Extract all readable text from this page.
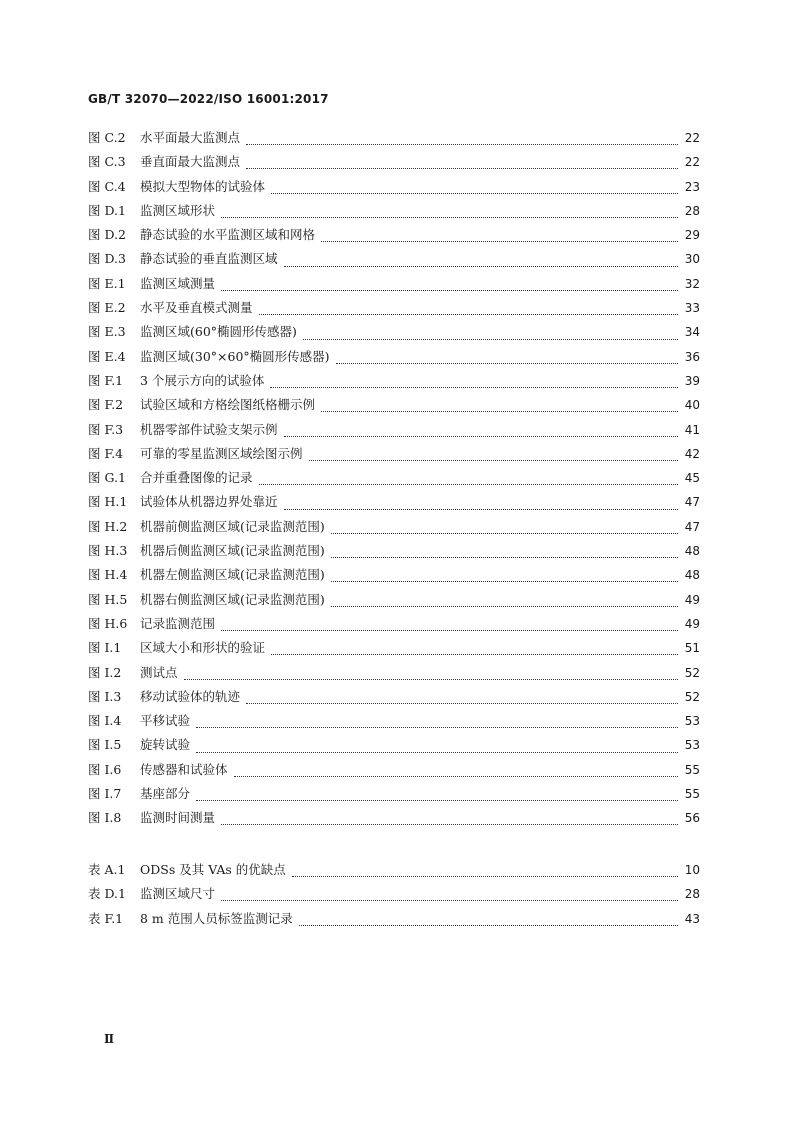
GB/T 32070—2022/ISO 16001:2017
图 C.2	水平面最大监测点	22
图 C.3	垂直面最大监测点	22
图 C.4	模拟大型物体的试验体	23
图 D.1	监测区域形状	28
图 D.2	静态试验的水平监测区域和网格	29
图 D.3	静态试验的垂直监测区域	30
图 E.1	监测区域测量	32
图 E.2	水平及垂直模式测量	33
图 E.3	监测区域(60°椭圆形传感器)	34
图 E.4	监测区域(30°×60°椭圆形传感器)	36
图 F.1	3 个展示方向的试验体	39
图 F.2	试验区域和方格绘图纸格栅示例	40
图 F.3	机器零部件试验支架示例	41
图 F.4	可靠的零星监测区域绘图示例	42
图 G.1	合并重叠图像的记录	45
图 H.1	试验体从机器边界处靠近	47
图 H.2	机器前侧监测区域(记录监测范围)	47
图 H.3	机器后侧监测区域(记录监测范围)	48
图 H.4	机器左侧监测区域(记录监测范围)	48
图 H.5	机器右侧监测区域(记录监测范围)	49
图 H.6	记录监测范围	49
图 I.1	区域大小和形状的验证	51
图 I.2	测试点	52
图 I.3	移动试验体的轨迹	52
图 I.4	平移试验	53
图 I.5	旋转试验	53
图 I.6	传感器和试验体	55
图 I.7	基座部分	55
图 I.8	监测时间测量	56
表 A.1	ODSs 及其 VAs 的优缺点	10
表 D.1	监测区域尺寸	28
表 F.1	8 m 范围人员标签监测记录	43
Ⅱ
